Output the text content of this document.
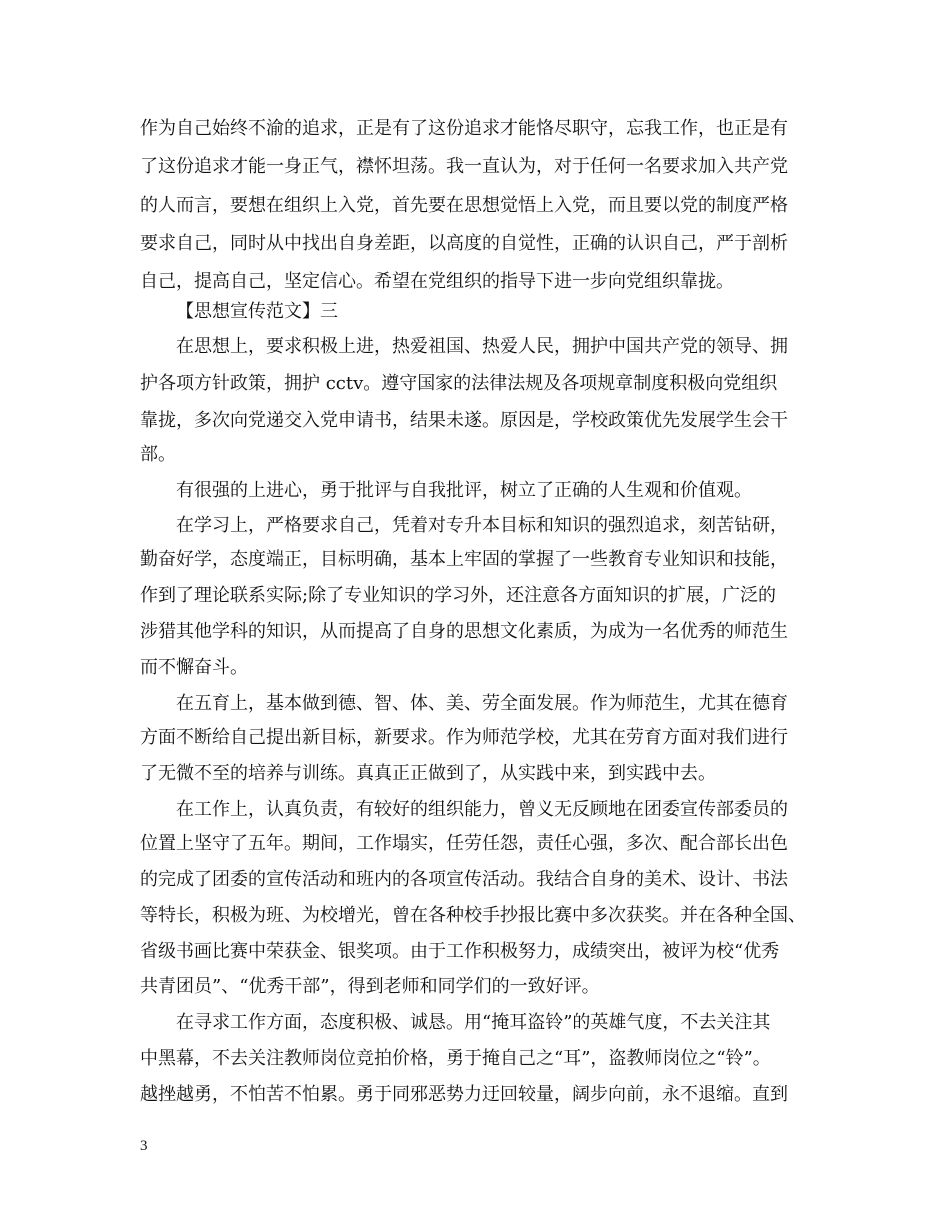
作为自己始终不渝的追求，正是有了这份追求才能恪尽职守，忘我工作，也正是有
了这份追求才能一身正气，襟怀坦荡。我一直认为，对于任何一名要求加入共产党
的人而言，要想在组织上入党，首先要在思想觉悟上入党，而且要以党的制度严格
要求自己，同时从中找出自身差距，以高度的自觉性，正确的认识自己，严于剖析
自己，提高自己，坚定信心。希望在党组织的指导下进一步向党组织靠拢。
【思想宣传范文】三
在思想上，要求积极上进，热爱祖国、热爱人民，拥护中国共产党的领导、拥
护各项方针政策，拥护 cctv。遵守国家的法律法规及各项规章制度积极向党组织
靠拢，多次向党递交入党申请书，结果未遂。原因是，学校政策优先发展学生会干
部。
有很强的上进心，勇于批评与自我批评，树立了正确的人生观和价值观。
在学习上，严格要求自己，凭着对专升本目标和知识的强烈追求，刻苦钻研，
勤奋好学，态度端正，目标明确，基本上牢固的掌握了一些教育专业知识和技能，
作到了理论联系实际;除了专业知识的学习外，还注意各方面知识的扩展，广泛的
涉猎其他学科的知识，从而提高了自身的思想文化素质，为成为一名优秀的师范生
而不懈奋斗。
在五育上，基本做到德、智、体、美、劳全面发展。作为师范生，尤其在德育
方面不断给自己提出新目标，新要求。作为师范学校，尤其在劳育方面对我们进行
了无微不至的培养与训练。真真正正做到了，从实践中来，到实践中去。
在工作上，认真负责，有较好的组织能力，曾义无反顾地在团委宣传部委员的
位置上坚守了五年。期间，工作塌实，任劳任怨，责任心强，多次、配合部长出色
的完成了团委的宣传活动和班内的各项宣传活动。我结合自身的美术、设计、书法
等特长，积极为班、为校增光，曾在各种校手抄报比赛中多次获奖。并在各种全国、
省级书画比赛中荣获金、银奖项。由于工作积极努力，成绩突出，被评为校“优秀
共青团员”、“优秀干部”，得到老师和同学们的一致好评。
在寻求工作方面，态度积极、诚恳。用“掩耳盗铃”的英雄气度，不去关注其
中黑幕，不去关注教师岗位竞拍价格，勇于掩自己之“耳”，盗教师岗位之“铃”。
越挫越勇，不怕苦不怕累。勇于同邪恶势力迂回较量，阔步向前，永不退缩。直到
3
